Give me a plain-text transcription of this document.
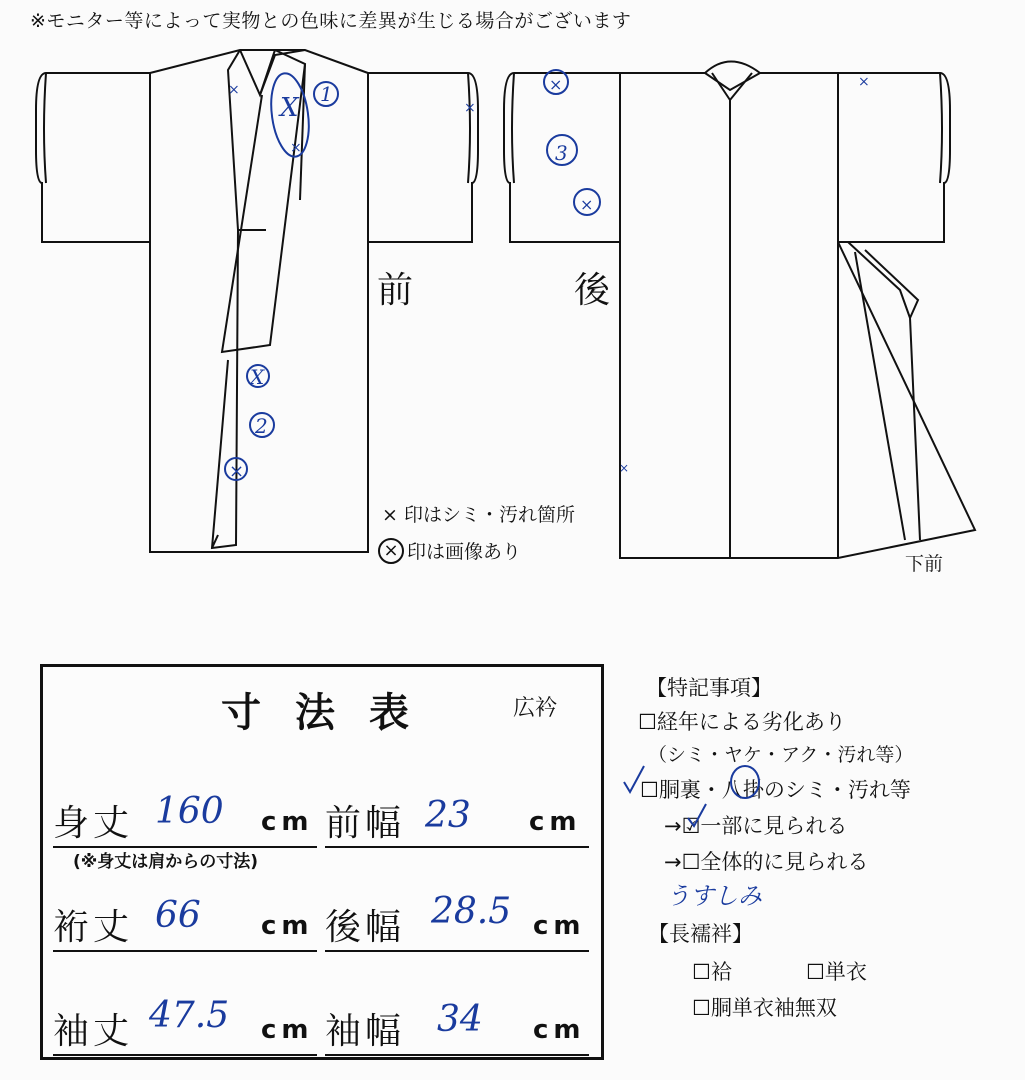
※モニター等によって実物との色味に差異が生じる場合がございます
×
X
×
×
X
×
×
×
×
×
1
2
3
前	後
× 印はシミ・汚れ箇所
× 印は画像あり
下前
寸法表	広衿
身丈 160 cm 前幅 23 cm
(※身丈は肩からの寸法)
裄丈 66 cm 後幅 28.5 cm
袖丈 47.5 cm 袖幅 34 cm
【特記事項】
☐経年による劣化あり
（シミ・ヤケ・アク・汚れ等）
☐胴裏・八掛のシミ・汚れ等
→☑一部に見られる
→☐全体的に見られる
うすしみ
【長襦袢】
☐袷	☐単衣
☐胴単衣袖無双
